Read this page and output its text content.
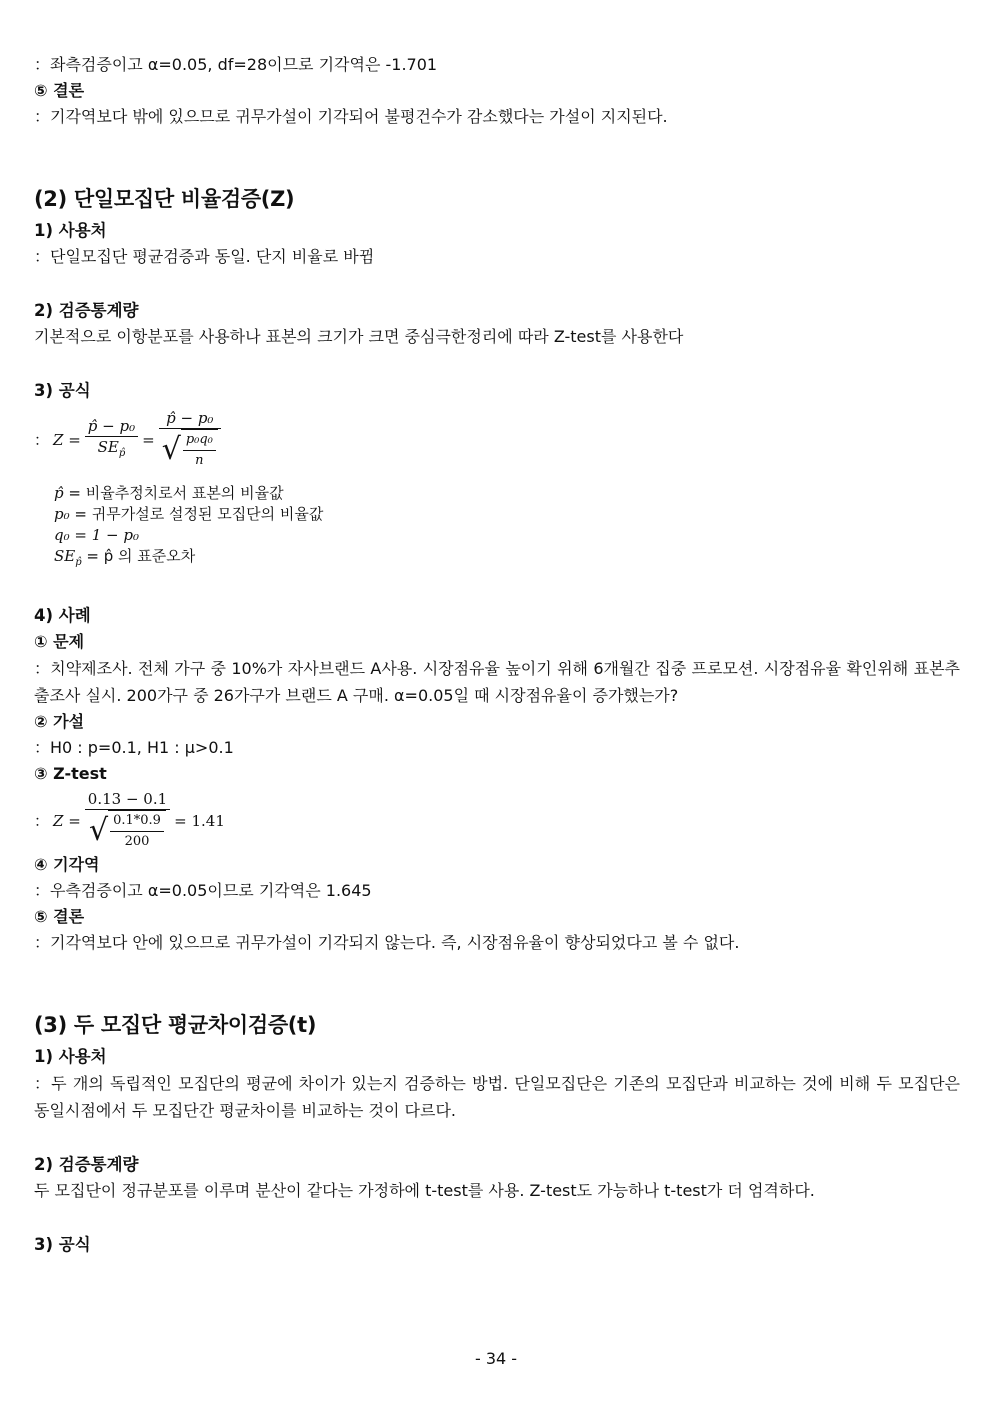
：좌측검증이고 α=0.05, df=28이므로 기각역은 -1.701
⑤ 결론
：기각역보다 밖에 있으므로 귀무가설이 기각되어 불평건수가 감소했다는 가설이 지지된다.
(2) 단일모집단 비율검증(Z)
1) 사용처
：단일모집단 평균검증과 동일. 단지 비율로 바뀜
2) 검증통계량
기본적으로 이항분포를 사용하나 표본의 크기가 크면 중심극한정리에 따라 Z-test를 사용한다
3) 공식
： $Z = \frac{\text{p̂ − p₀}}{SE_{p̂}} = \frac{\text{p̂ − p₀}}{√ \frac{\text{p₀q₀}}{n}}$
p̂ = 비율추정치로서 표본의 비율값
p₀ = 귀무가설로 설정된 모집단의 비율값
q₀ = 1 − p₀
$SE_{p̂}$ = p̂ 의 표준오차
4) 사례
① 문제
：치약제조사. 전체 가구 중 10%가 자사브랜드 A사용. 시장점유율 높이기 위해 6개월간 집중 프로모션. 시장점유율 확인위해 표본추출조사 실시. 200가구 중 26가구가 브랜드 A 구매. α=0.05일 때 시장점유율이 증가했는가?
② 가설
：H0 : p=0.1, H1 : μ>0.1
③ Z-test
： $Z = \frac{0.13 - 0.1}{√ \frac{0.1*0.9}{200}} = 1.41$
④ 기각역
：우측검증이고 α=0.05이므로 기각역은 1.645
⑤ 결론
：기각역보다 안에 있으므로 귀무가설이 기각되지 않는다. 즉, 시장점유율이 향상되었다고 볼 수 없다.
(3) 두 모집단 평균차이검증(t)
1) 사용처
：두 개의 독립적인 모집단의 평균에 차이가 있는지 검증하는 방법. 단일모집단은 기존의 모집단과 비교하는 것에 비해 두 모집단은 동일시점에서 두 모집단간 평균차이를 비교하는 것이 다르다.
2) 검증통계량
두 모집단이 정규분포를 이루며 분산이 같다는 가정하에 t-test를 사용. Z-test도 가능하나 t-test가 더 엄격하다.
3) 공식
- 34 -
